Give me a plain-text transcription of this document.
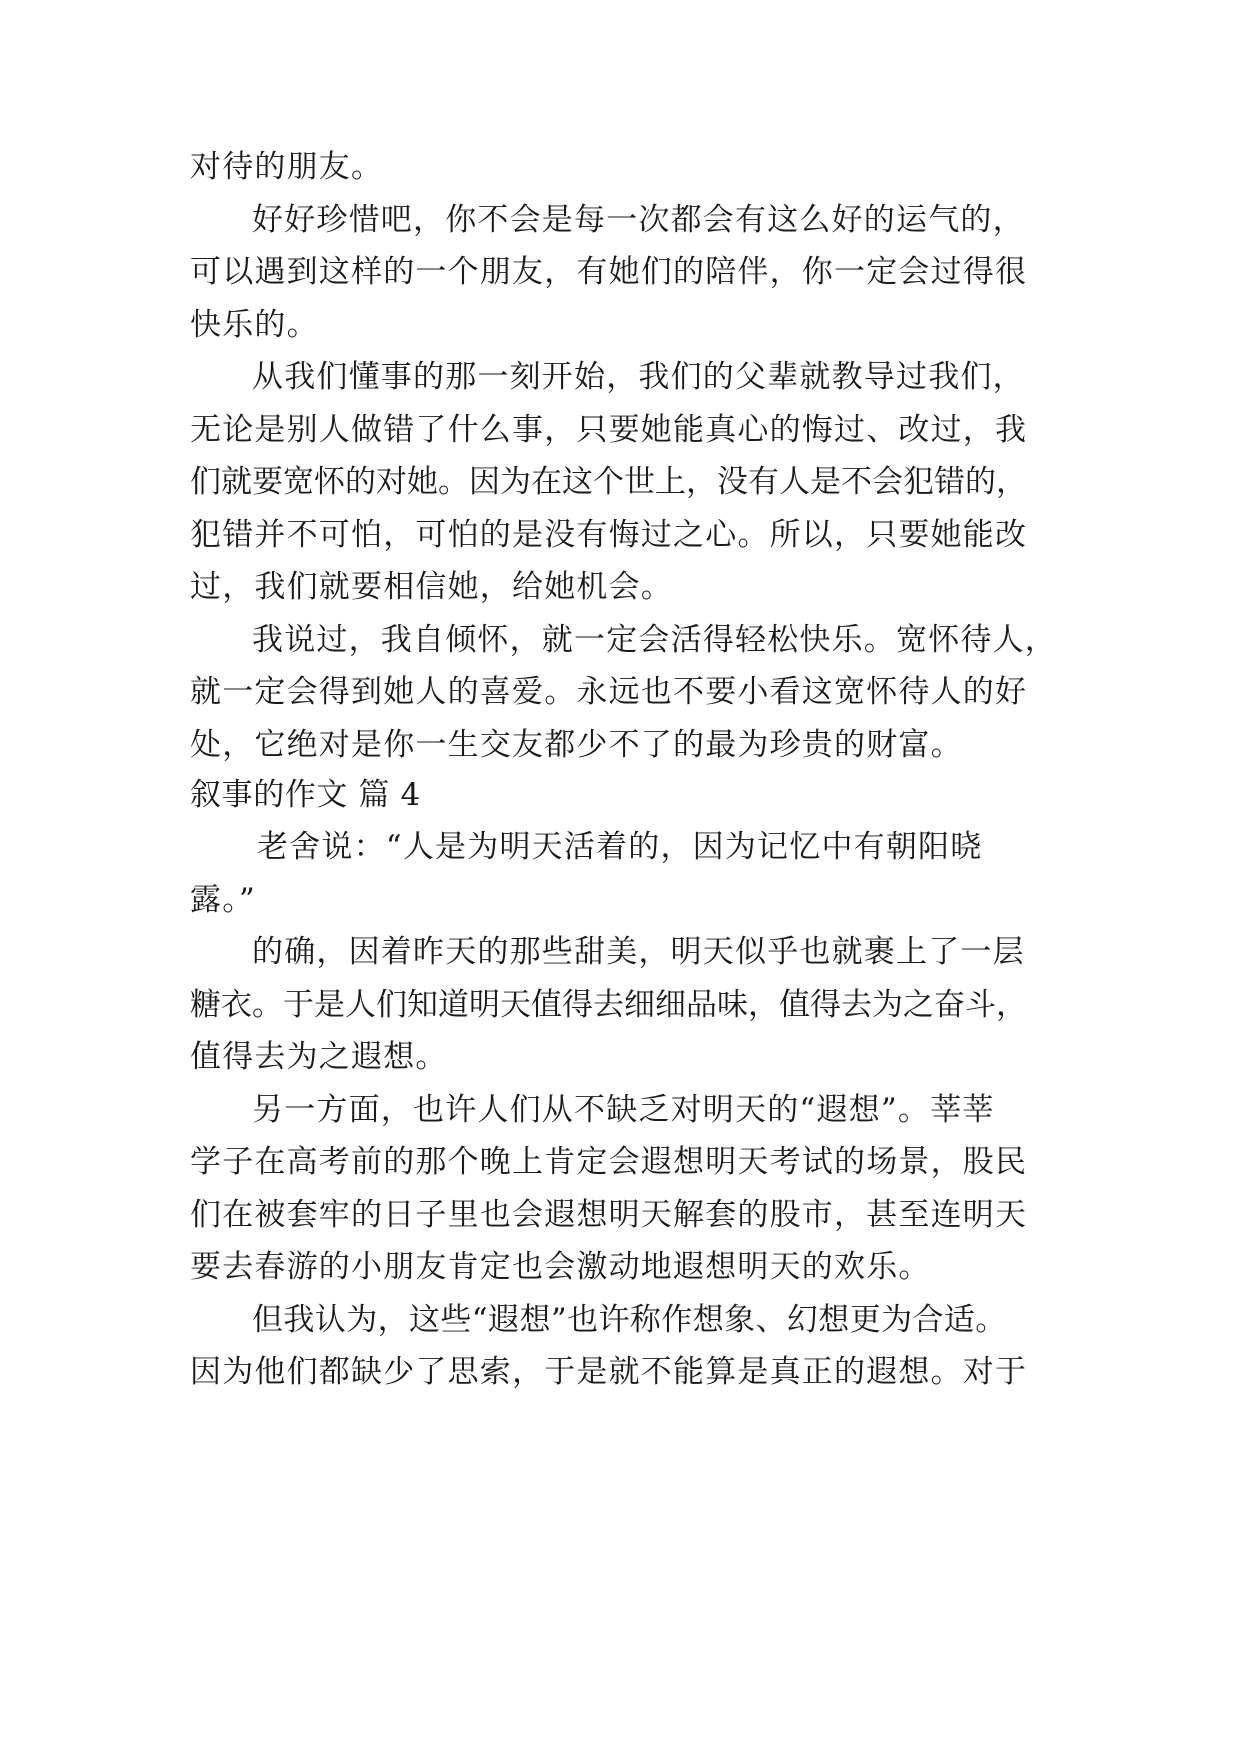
对待的朋友。
好好珍惜吧，你不会是每一次都会有这么好的运气的，
可以遇到这样的一个朋友，有她们的陪伴，你一定会过得很
快乐的。
从我们懂事的那一刻开始，我们的父辈就教导过我们，
无论是别人做错了什么事，只要她能真心的悔过、改过，我
们就要宽怀的对她。因为在这个世上，没有人是不会犯错的，
犯错并不可怕，可怕的是没有悔过之心。所以，只要她能改
过，我们就要相信她，给她机会。
我说过，我自倾怀，就一定会活得轻松快乐。宽怀待人，
就一定会得到她人的喜爱。永远也不要小看这宽怀待人的好
处，它绝对是你一生交友都少不了的最为珍贵的财富。
叙事的作文 篇 4
老舍说：“人是为明天活着的，因为记忆中有朝阳晓
露。”
的确，因着昨天的那些甜美，明天似乎也就裹上了一层
糖衣。于是人们知道明天值得去细细品味，值得去为之奋斗，
值得去为之遐想。
另一方面，也许人们从不缺乏对明天的“遐想”。莘莘
学子在高考前的那个晚上肯定会遐想明天考试的场景，股民
们在被套牢的日子里也会遐想明天解套的股市，甚至连明天
要去春游的小朋友肯定也会激动地遐想明天的欢乐。
但我认为，这些“遐想”也许称作想象、幻想更为合适。
因为他们都缺少了思索，于是就不能算是真正的遐想。对于
